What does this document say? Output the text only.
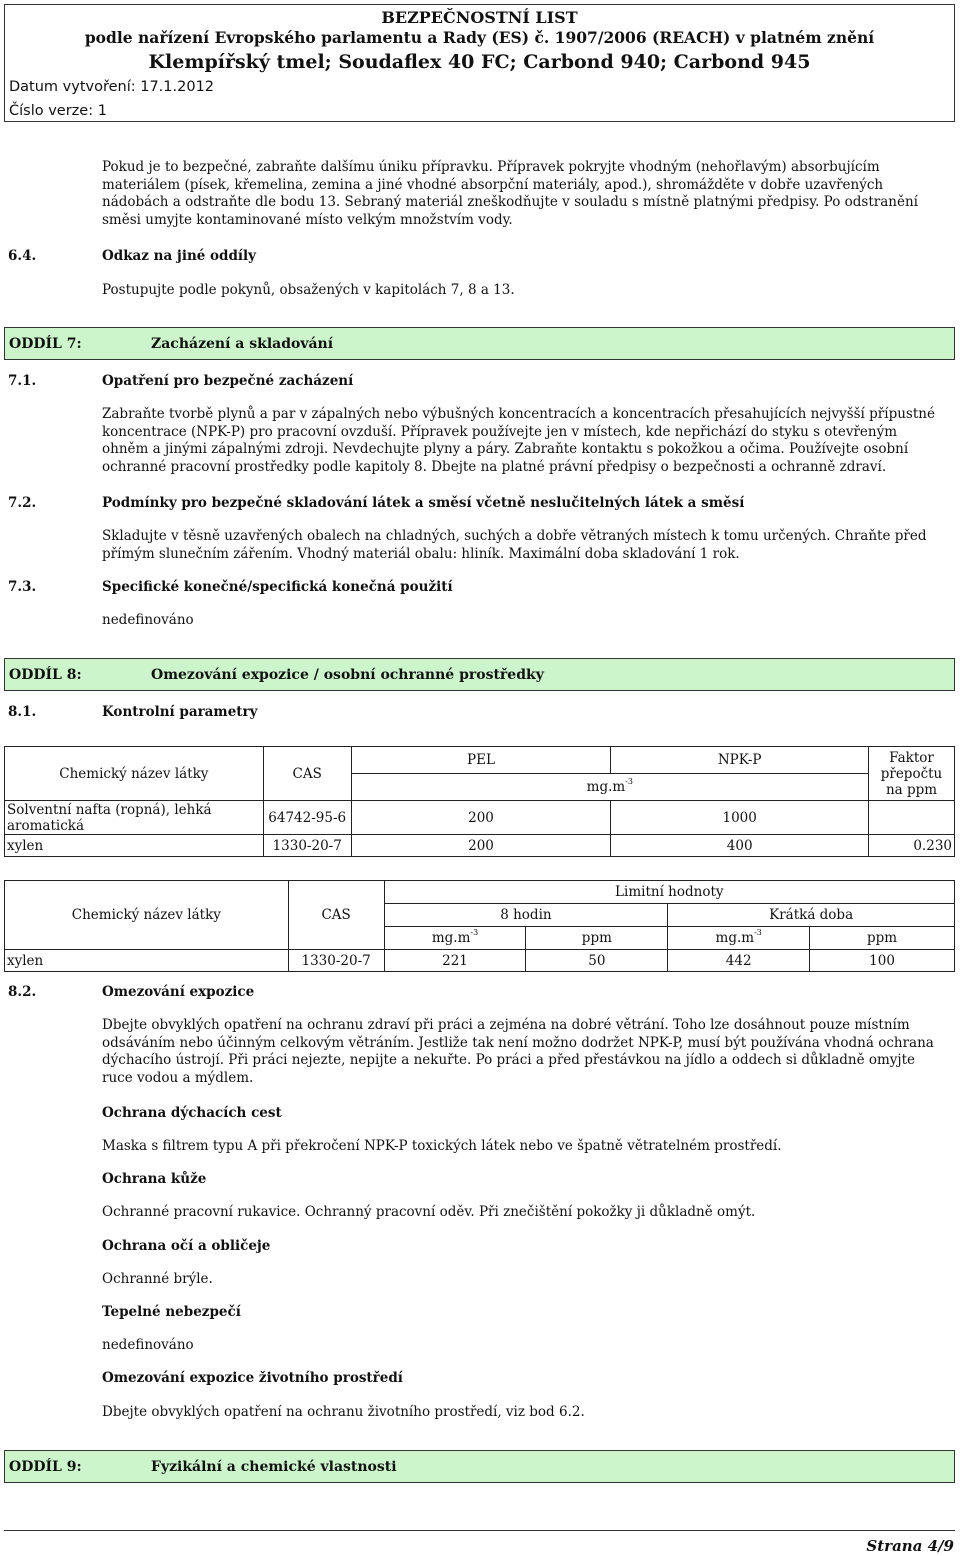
BEZPEČNOSTNÍ LIST
podle nařízení Evropského parlamentu a Rady (ES) č. 1907/2006 (REACH) v platném znění
Klempířský tmel; Soudaflex 40 FC; Carbond 940; Carbond 945
Datum vytvoření: 17.1.2012
Číslo verze: 1
Pokud je to bezpečné, zabraňte dalšímu úniku přípravku. Přípravek pokryjte vhodným (nehořlavým) absorbujícím
materiálem (písek, křemelina, zemina a jiné vhodné absorpční materiály, apod.), shromážděte v dobře uzavřených
nádobách a odstraňte dle bodu 13. Sebraný materiál zneškodňujte v souladu s místně platnými předpisy. Po odstranění
směsi umyjte kontaminované místo velkým množstvím vody.
6.4.	Odkaz na jiné oddíly
Postupujte podle pokynů, obsažených v kapitolách 7, 8 a 13.
ODDÍL 7:	Zacházení a skladování
7.1.	Opatření pro bezpečné zacházení
Zabraňte tvorbě plynů a par v zápalných nebo výbušných koncentracích a koncentracích přesahujících nejvyšší přípustné
koncentrace (NPK-P) pro pracovní ovzduší. Přípravek používejte jen v místech, kde nepřichází do styku s otevřeným
ohněm a jinými zápalnými zdroji. Nevdechujte plyny a páry. Zabraňte kontaktu s pokožkou a očima. Používejte osobní
ochranné pracovní prostředky podle kapitoly 8. Dbejte na platné právní předpisy o bezpečnosti a ochranně zdraví.
7.2.	Podmínky pro bezpečné skladování látek a směsí včetně neslučitelných látek a směsí
Skladujte v těsně uzavřených obalech na chladných, suchých a dobře větraných místech k tomu určených. Chraňte před
přímým slunečním zářením. Vhodný materiál obalu: hliník. Maximální doba skladování 1 rok.
7.3.	Specifické konečné/specifická konečná použití
nedefinováno
ODDÍL 8:	Omezování expozice / osobní ochranné prostředky
8.1.	Kontrolní parametry
Chemický název látky	CAS	PEL	NPK-P	Faktor přepočtu na ppm
		$mg.m^{-3}$
Solventní nafta (ropná), lehká aromatická	64742-95-6	200	1000	
xylen	1330-20-7	200	400	0.230
Chemický název látky	CAS	Limitní hodnoty			
		8 hodin		Krátká doba	
		$mg.m^{-3}$	ppm	$mg.m^{-3}$	ppm
xylen	1330-20-7	221	50	442	100
8.2.	Omezování expozice
Dbejte obvyklých opatření na ochranu zdraví při práci a zejména na dobré větrání. Toho lze dosáhnout pouze místním
odsáváním nebo účinným celkovým větráním. Jestliže tak není možno dodržet NPK-P, musí být používána vhodná ochrana
dýchacího ústrojí. Při práci nejezte, nepijte a nekuřte. Po práci a před přestávkou na jídlo a oddech si důkladně omyjte
ruce vodou a mýdlem.
Ochrana dýchacích cest
Maska s filtrem typu A při překročení NPK-P toxických látek nebo ve špatně větratelném prostředí.
Ochrana kůže
Ochranné pracovní rukavice. Ochranný pracovní oděv. Při znečištění pokožky ji důkladně omýt.
Ochrana očí a obličeje
Ochranné brýle.
Tepelné nebezpečí
nedefinováno
Omezování expozice životního prostředí
Dbejte obvyklých opatření na ochranu životního prostředí, viz bod 6.2.
ODDÍL 9:	Fyzikální a chemické vlastnosti
Strana 4/9
